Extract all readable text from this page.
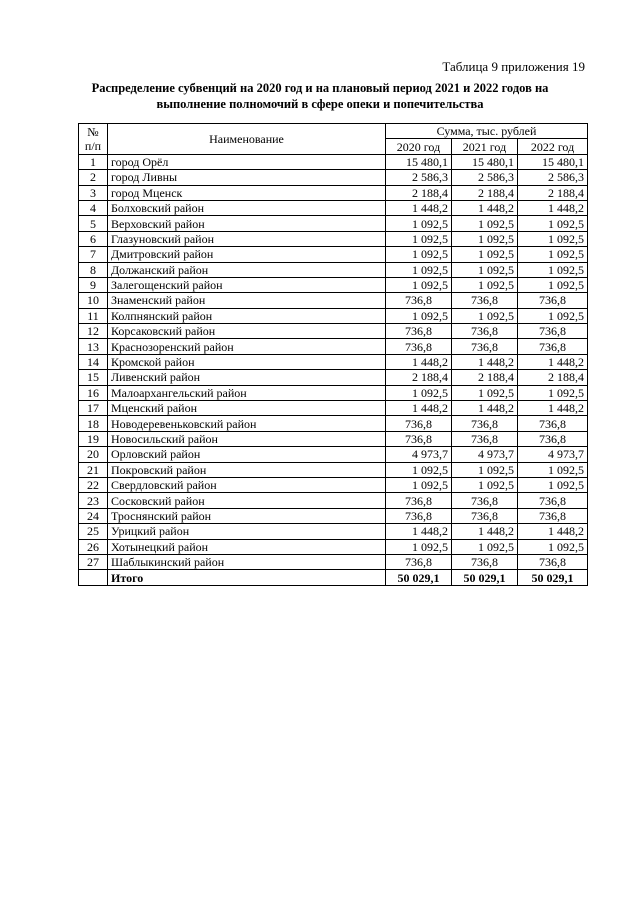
Таблица 9 приложения 19
Распределение субвенций на 2020 год и на плановый период 2021 и 2022 годов на
выполнение полномочий в сфере опеки и попечительства
№ п/п	Наименование	Сумма, тыс. рублей		
		2020 год	2021 год	2022 год
1	город Орёл	15 480,1	15 480,1	15 480,1
2	город Ливны	2 586,3	2 586,3	2 586,3
3	город Мценск	2 188,4	2 188,4	2 188,4
4	Болховский район	1 448,2	1 448,2	1 448,2
5	Верховский район	1 092,5	1 092,5	1 092,5
6	Глазуновский район	1 092,5	1 092,5	1 092,5
7	Дмитровский район	1 092,5	1 092,5	1 092,5
8	Должанский район	1 092,5	1 092,5	1 092,5
9	Залегощенский район	1 092,5	1 092,5	1 092,5
10	Знаменский район	736,8	736,8	736,8
11	Колпнянский район	1 092,5	1 092,5	1 092,5
12	Корсаковский район	736,8	736,8	736,8
13	Краснозоренский район	736,8	736,8	736,8
14	Кромской район	1 448,2	1 448,2	1 448,2
15	Ливенский район	2 188,4	2 188,4	2 188,4
16	Малоархангельский район	1 092,5	1 092,5	1 092,5
17	Мценский район	1 448,2	1 448,2	1 448,2
18	Новодеревеньковский район	736,8	736,8	736,8
19	Новосильский район	736,8	736,8	736,8
20	Орловский район	4 973,7	4 973,7	4 973,7
21	Покровский район	1 092,5	1 092,5	1 092,5
22	Свердловский район	1 092,5	1 092,5	1 092,5
23	Сосковский район	736,8	736,8	736,8
24	Троснянский район	736,8	736,8	736,8
25	Урицкий район	1 448,2	1 448,2	1 448,2
26	Хотынецкий район	1 092,5	1 092,5	1 092,5
27	Шаблыкинский район	736,8	736,8	736,8
	Итого	50 029,1	50 029,1	50 029,1
